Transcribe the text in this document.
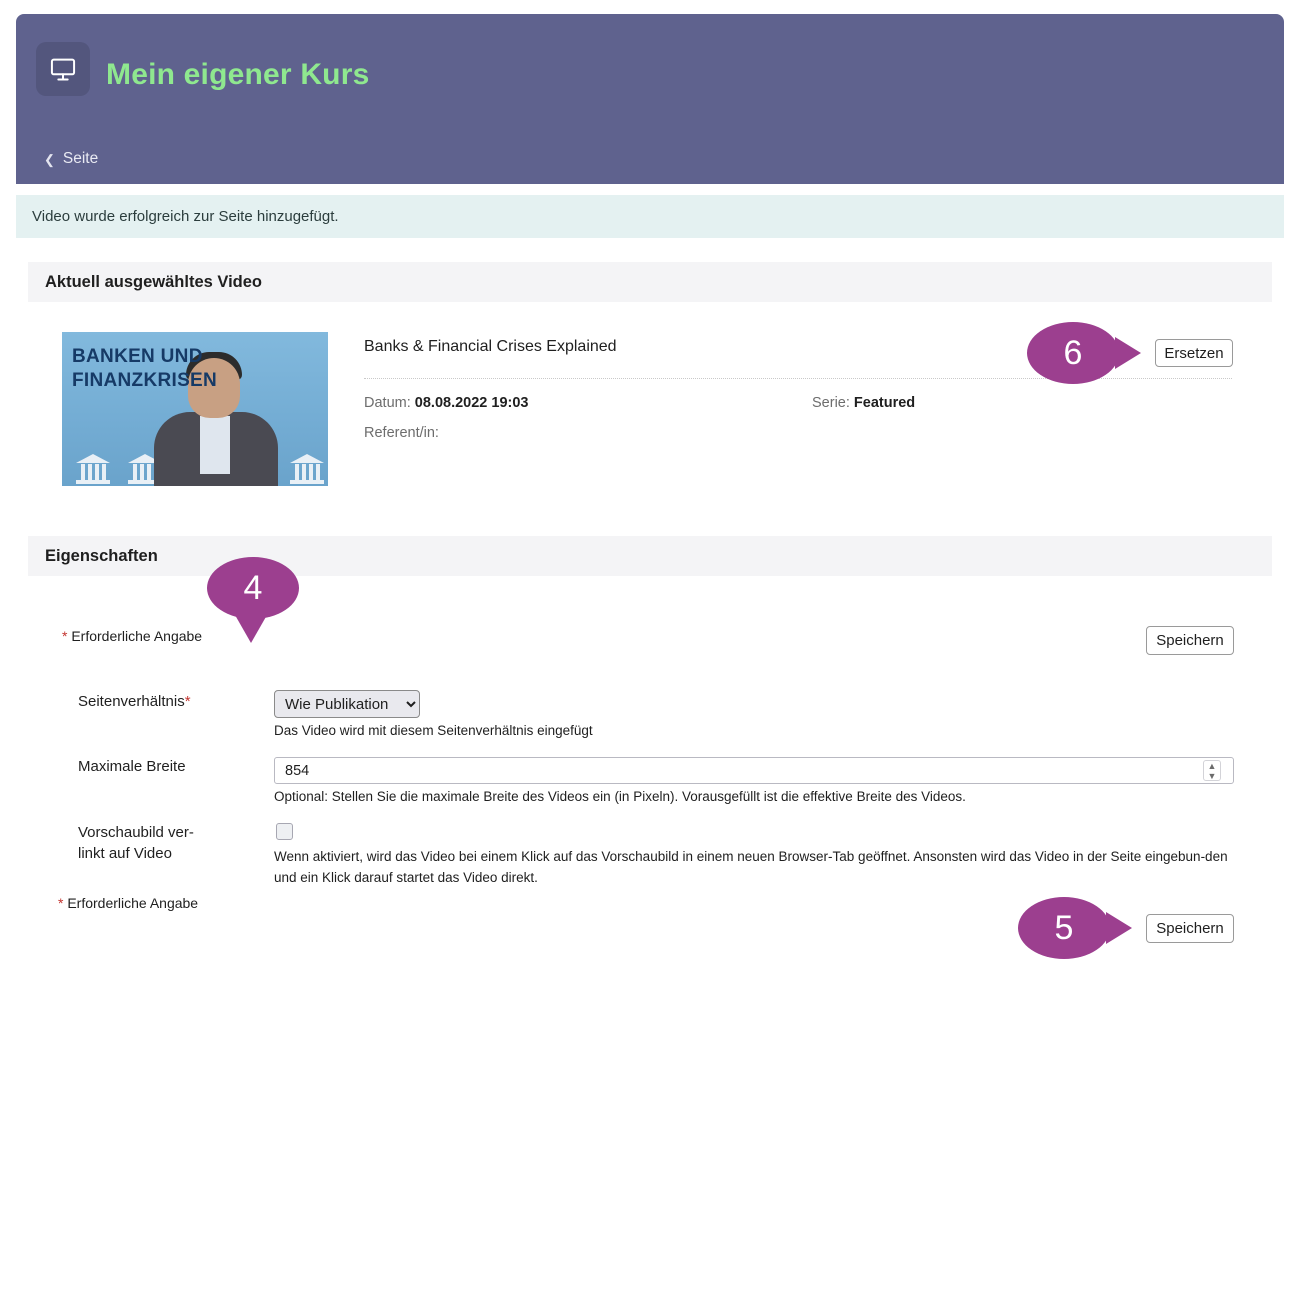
Mein eigener Kurs
❮ Seite
Video wurde erfolgreich zur Seite hinzugefügt.
Aktuell ausgewähltes Video
BANKEN UND
FINANZKRISEN
Banks & Financial Crises Explained
Datum: 08.08.2022 19:03	Serie: Featured
Referent/in:
Ersetzen
Eigenschaften
* Erforderliche Angabe	Speichern
Seitenverhältnis*
Wie Publikation
Das Video wird mit diesem Seitenverhältnis eingefügt
Maximale Breite
854	▲
▼
Optional: Stellen Sie die maximale Breite des Videos ein (in Pixeln). Vorausgefüllt ist die effektive Breite des Videos.
Vorschaubild ver-
linkt auf Video	Wenn aktiviert, wird das Video bei einem Klick auf das Vorschaubild in einem neuen Browser-Tab geöffnet. Ansonsten wird das Video in der Seite eingebun-den und ein Klick darauf startet das Video direkt.
* Erforderliche Angabe
Speichern
6
5
4
